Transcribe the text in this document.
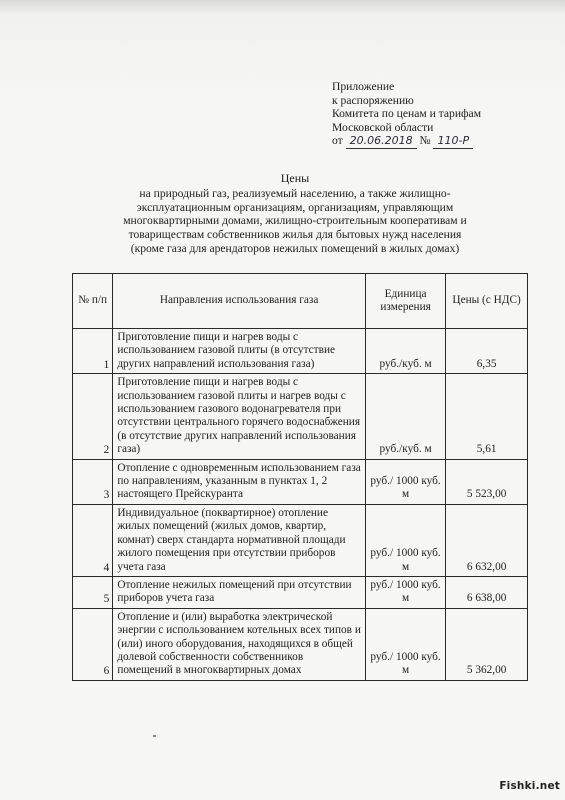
Приложение
к распоряжению
Комитета по ценам и тарифам
Московской области
от 20.06.2018 № 110-Р
Цены
на природный газ, реализуемый населению, а также жилищно-
эксплуатационным организациям, организациям, управляющим
многоквартирными домами, жилищно-строительным кооперативам и
товариществам собственников жилья для бытовых нужд населения
(кроме газа для арендаторов нежилых помещений в жилых домах)
№ п/п	Направления использования газа	Единица измерения	Цены (с НДС)
1	Приготовление пищи и нагрев воды с использованием газовой плиты (в отсутствие других направлений использования газа)	руб./куб. м	6,35
2	Приготовление пищи и нагрев воды с использованием газовой плиты и нагрев воды с использованием газового водонагревателя при отсутствии центрального горячего водоснабжения (в отсутствие других направлений использования газа)	руб./куб. м	5,61
3	Отопление с одновременным использованием газа по направлениям, указанным в пунктах 1, 2 настоящего Прейскуранта	руб./ 1000 куб. м	5 523,00
4	Индивидуальное (поквартирное) отопление жилых помещений (жилых домов, квартир, комнат) сверх стандарта нормативной площади жилого помещения при отсутствии приборов учета газа	руб./ 1000 куб. м	6 632,00
5	Отопление нежилых помещений при отсутствии приборов учета газа	руб./ 1000 куб. м	6 638,00
6	Отопление и (или) выработка электрической энергии с использованием котельных всех типов и (или) иного оборудования, находящихся в общей долевой собственности собственников помещений в многоквартирных домах	руб./ 1000 куб. м	5 362,00
Fishki.net
